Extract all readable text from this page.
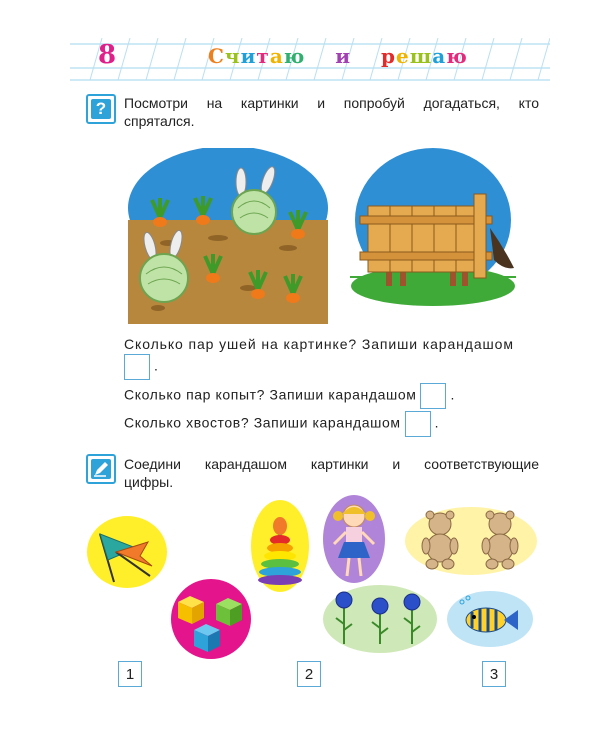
8	Считаю и решаю
?	Посмотри на картинки и попробуй догадаться, кто
спрятался.
Сколько пар ушей на картинке? Запиши карандашом
.
Сколько пар копыт? Запиши карандашом .
Сколько хвостов? Запиши карандашом .
Соедини карандашом картинки и соответствующие
цифры.
1	2	3
